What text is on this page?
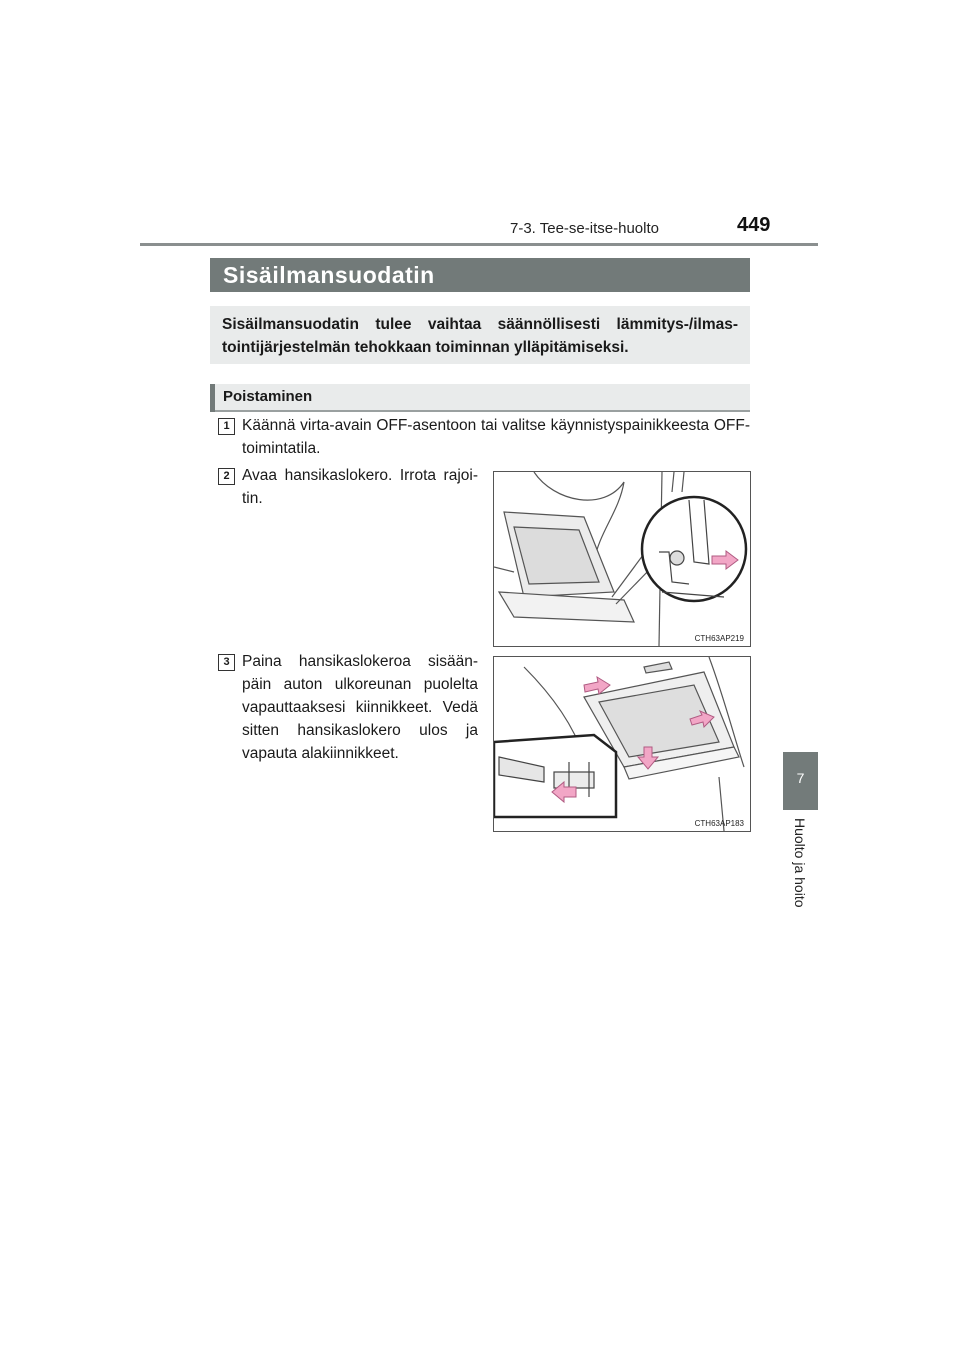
7-3. Tee-se-itse-huolto	449
7
Huolto ja hoito
Sisäilmansuodatin
Sisäilmansuodatin tulee vaihtaa säännöllisesti lämmitys-/ilmas-tointijärjestelmän tehokkaan toiminnan ylläpitämiseksi.
Poistaminen
1 Käännä virta-avain OFF-asentoon tai valitse käynnistyspainikkeesta OFF-toimintatila.
2 Avaa hansikaslokero. Irrota rajoi-tin.
CTH63AP219
3 Paina hansikaslokeroa sisään-päin auton ulkoreunan puolelta vapauttaaksesi kiinnikkeet. Vedä sitten hansikaslokero ulos ja vapauta alakiinnikkeet.
CTH63AP183
